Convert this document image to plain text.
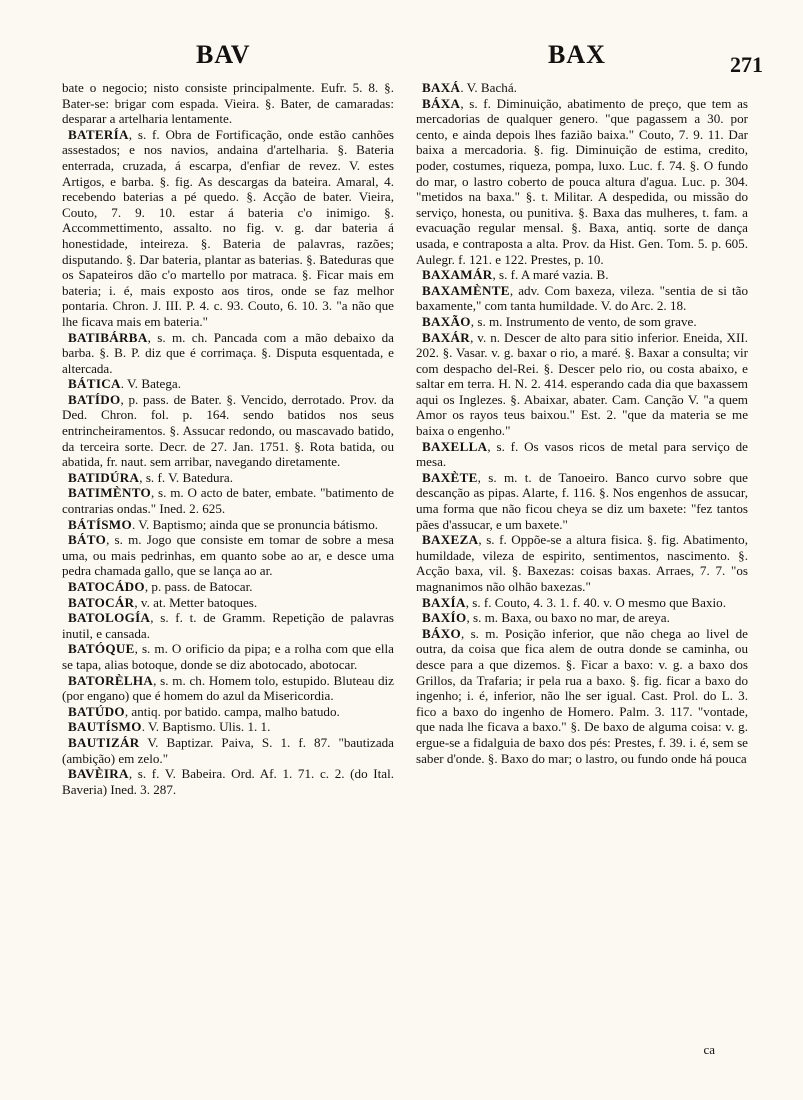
BAV	BAX	271

bate o negocio; nisto consiste principalmente. Eufr. 5. 8. §. Bater-se: brigar com espada. Vieira. §. Bater, de camaradas: desparar a artelharia lentamente.

BATERÍA, s. f. Obra de Fortificação, onde estão canhões assestados; e nos navios, andaina d'artelharia. §. Bateria enterrada, cruzada, á escarpa, d'enfiar de revez. V. estes Artigos, e barba. §. fig. As descargas da bateira. Amaral, 4. recebendo baterias a pé quedo. §. Acção de bater. Vieira, Couto, 7. 9. 10. estar á bateria c'o inimigo. §. Accommettimento, assalto. no fig. v. g. dar bateria á honestidade, inteireza. §. Bateria de palavras, razões; disputando. §. Dar bateria, plantar as baterias. §. Bateduras que os Sapateiros dão c'o martello por matraca. §. Ficar mais em bateria; i. é, mais exposto aos tiros, onde se faz melhor pontaria. Chron. J. III. P. 4. c. 93. Couto, 6. 10. 3. "a não que lhe ficava mais em bateria."

BATIBÁRBA, s. m. ch. Pancada com a mão debaixo da barba. §. B. P. diz que é corrimaça. §. Disputa esquentada, e altercada.

BÁTICA. V. Batega.

BATÍDO, p. pass. de Bater. §. Vencido, derrotado. Prov. da Ded. Chron. fol. p. 164. sendo batidos nos seus entrincheiramentos. §. Assucar redondo, ou mascavado batido, da terceira sorte. Decr. de 27. Jan. 1751. §. Rota batida, ou abatida, fr. naut. sem arribar, navegando diretamente.

BATIDÚRA, s. f. V. Batedura.

BATIMÈNTO, s. m. O acto de bater, embate. "batimento de contrarias ondas." Ined. 2. 625.

BÁTÍSMO. V. Baptismo; ainda que se pronuncia bátismo.

BÁTO, s. m. Jogo que consiste em tomar de sobre a mesa uma, ou mais pedrinhas, em quanto sobe ao ar, e desce uma pedra chamada gallo, que se lança ao ar.

BATOCÁDO, p. pass. de Batocar.

BATOCÁR, v. at. Metter batoques.

BATOLOGÍA, s. f. t. de Gramm. Repetição de palavras inutil, e cansada.

BATÓQUE, s. m. O orificio da pipa; e a rolha com que ella se tapa, alias botoque, donde se diz abotocado, abotocar.

BATORÈLHA, s. m. ch. Homem tolo, estupido. Bluteau diz (por engano) que é homem do azul da Misericordia.

BATÚDO, antiq. por batido. campa, malho batudo.

BAUTÍSMO. V. Baptismo. Ulis. 1. 1.

BAUTIZÁR V. Baptizar. Paiva, S. 1. f. 87. "bautizada (ambição) em zelo."

BAVÈIRA, s. f. V. Babeira. Ord. Af. 1. 71. c. 2. (do Ital. Baveria) Ined. 3. 287.

BAXÁ. V. Bachá.

BÁXA, s. f. Diminuição, abatimento de preço, que tem as mercadorias de qualquer genero. "que pagassem a 30. por cento, e ainda depois lhes fazião baixa." Couto, 7. 9. 11. Dar baixa a mercadoria. §. fig. Diminuição de estima, credito, poder, costumes, riqueza, pompa, luxo. Luc. f. 74. §. O fundo do mar, o lastro coberto de pouca altura d'agua. Luc. p. 304. "metidos na baxa." §. t. Militar. A despedida, ou missão do serviço, honesta, ou punitiva. §. Baxa das mulheres, t. fam. a evacuação regular mensal. §. Baxa, antiq. sorte de dança usada, e contraposta a alta. Prov. da Hist. Gen. Tom. 5. p. 605. Aulegr. f. 121. e 122. Prestes, p. 10.

BAXAMÁR, s. f. A maré vazia. B.

BAXAMÈNTE, adv. Com baxeza, vileza. "sentia de si tão baxamente," com tanta humildade. V. do Arc. 2. 18.

BAXÃO, s. m. Instrumento de vento, de som grave.

BAXÁR, v. n. Descer de alto para sitio inferior. Eneida, XII. 202. §. Vasar. v. g. baxar o rio, a maré. §. Baxar a consulta; vir com despacho del-Rei. §. Descer pelo rio, ou costa abaixo, e saltar em terra. H. N. 2. 414. esperando cada dia que baxassem aqui os Inglezes. §. Abaixar, abater. Cam. Canção V. "a quem Amor os rayos teus baixou." Est. 2. "que da materia se me baixa o engenho."

BAXELLA, s. f. Os vasos ricos de metal para serviço de mesa.

BAXÈTE, s. m. t. de Tanoeiro. Banco curvo sobre que descanção as pipas. Alarte, f. 116. §. Nos engenhos de assucar, uma forma que não ficou cheya se diz um baxete: "fez tantos pães d'assucar, e um baxete."

BAXEZA, s. f. Oppõe-se a altura fisica. §. fig. Abatimento, humildade, vileza de espirito, sentimentos, nascimento. §. Acção baxa, vil. §. Baxezas: coisas baxas. Arraes, 7. 7. "os magnanimos não olhão baxezas."

BAXÍA, s. f. Couto, 4. 3. 1. f. 40. v. O mesmo que Baxio.

BAXÍO, s. m. Baxa, ou baxo no mar, de areya.

BÁXO, s. m. Posição inferior, que não chega ao livel de outra, da coisa que fica alem de outra donde se caminha, ou desce para a que dizemos. §. Ficar a baxo: v. g. a baxo dos Grillos, da Trafaria; ir pela rua a baxo. §. fig. ficar a baxo do ingenho; i. é, inferior, não lhe ser igual. Cast. Prol. do L. 3. fico a baxo do ingenho de Homero. Palm. 3. 117. "vontade, que nada lhe ficava a baxo." §. De baxo de alguma coisa: v. g. ergue-se a fidalguia de baxo dos pés: Prestes, f. 39. i. é, sem se saber d'onde. §. Baxo do mar; o lastro, ou fundo onde há pouca

ca
